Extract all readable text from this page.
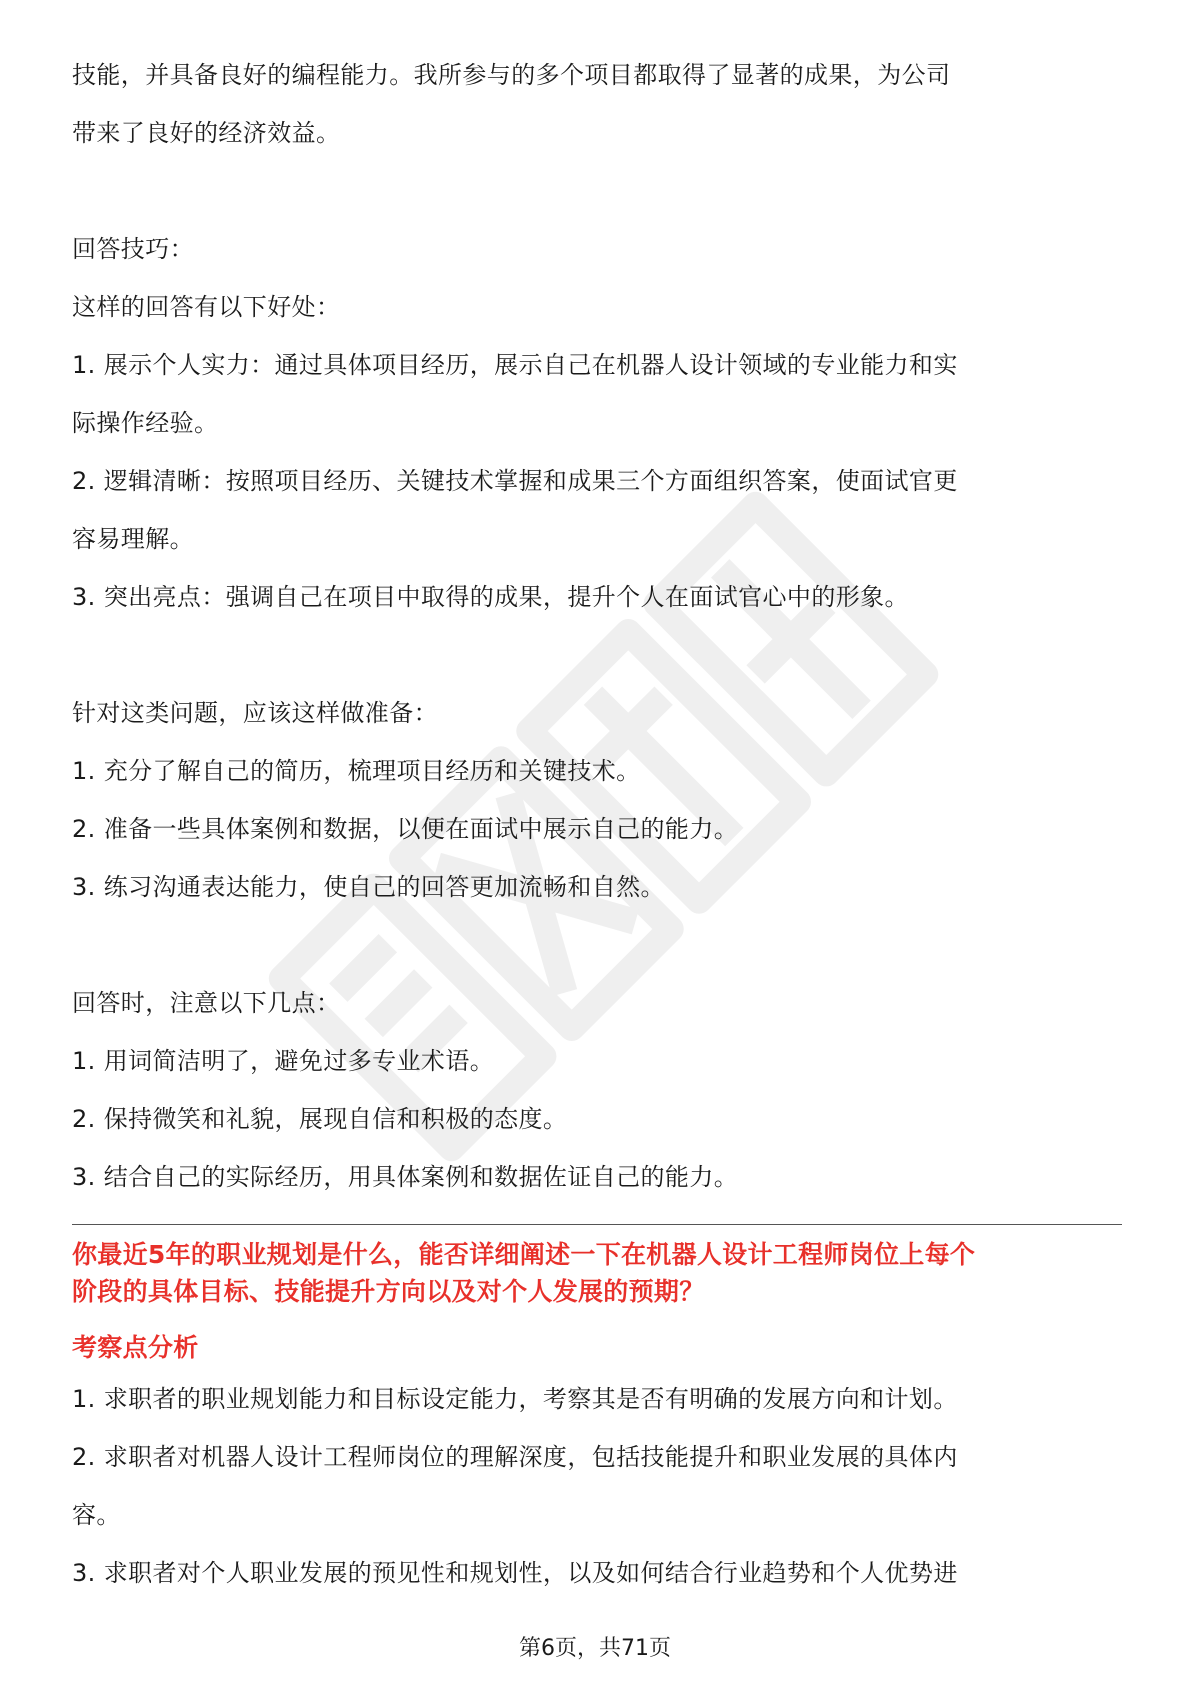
技能，并具备良好的编程能力。我所参与的多个项目都取得了显著的成果，为公司

带来了良好的经济效益。

回答技巧：

这样的回答有以下好处：

1. 展示个人实力：通过具体项目经历，展示自己在机器人设计领域的专业能力和实

际操作经验。

2. 逻辑清晰：按照项目经历、关键技术掌握和成果三个方面组织答案，使面试官更

容易理解。

3. 突出亮点：强调自己在项目中取得的成果，提升个人在面试官心中的形象。

针对这类问题，应该这样做准备：

1. 充分了解自己的简历，梳理项目经历和关键技术。

2. 准备一些具体案例和数据，以便在面试中展示自己的能力。

3. 练习沟通表达能力，使自己的回答更加流畅和自然。

回答时，注意以下几点：

1. 用词简洁明了，避免过多专业术语。

2. 保持微笑和礼貌，展现自信和积极的态度。

3. 结合自己的实际经历，用具体案例和数据佐证自己的能力。

你最近5年的职业规划是什么，能否详细阐述一下在机器人设计工程师岗位上每个
阶段的具体目标、技能提升方向以及对个人发展的预期？
考察点分析

1. 求职者的职业规划能力和目标设定能力，考察其是否有明确的发展方向和计划。

2. 求职者对机器人设计工程师岗位的理解深度，包括技能提升和职业发展的具体内

容。

3. 求职者对个人职业发展的预见性和规划性，以及如何结合行业趋势和个人优势进

第6页，共71页
